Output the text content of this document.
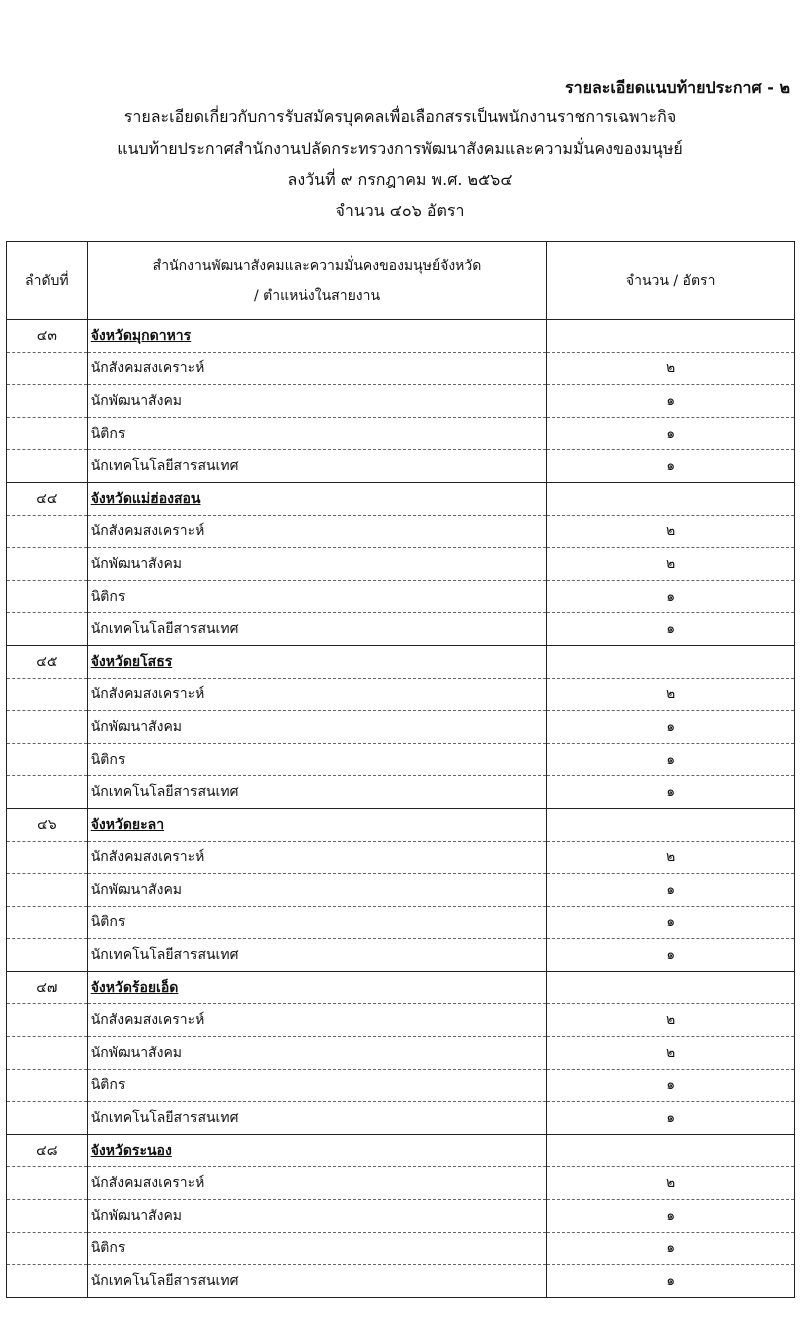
รายละเอียดแนบท้ายประกาศ - ๒
รายละเอียดเกี่ยวกับการรับสมัครบุคคลเพื่อเลือกสรรเป็นพนักงานราชการเฉพาะกิจ
แนบท้ายประกาศสำนักงานปลัดกระทรวงการพัฒนาสังคมและความมั่นคงของมนุษย์
ลงวันที่ ๙ กรกฎาคม พ.ศ. ๒๕๖๔
จำนวน ๔๐๖ อัตรา
ลำดับที่	สำนักงานพัฒนาสังคมและความมั่นคงของมนุษย์จังหวัด
/ ตำแหน่งในสายงาน	จำนวน / อัตรา
๔๓	จังหวัดมุกดาหาร	
	นักสังคมสงเคราะห์	๒
	นักพัฒนาสังคม	๑
	นิติกร	๑
	นักเทคโนโลยีสารสนเทศ	๑
๔๔	จังหวัดแม่ฮ่องสอน	
	นักสังคมสงเคราะห์	๒
	นักพัฒนาสังคม	๒
	นิติกร	๑
	นักเทคโนโลยีสารสนเทศ	๑
๔๕	จังหวัดยโสธร	
	นักสังคมสงเคราะห์	๒
	นักพัฒนาสังคม	๑
	นิติกร	๑
	นักเทคโนโลยีสารสนเทศ	๑
๔๖	จังหวัดยะลา	
	นักสังคมสงเคราะห์	๒
	นักพัฒนาสังคม	๑
	นิติกร	๑
	นักเทคโนโลยีสารสนเทศ	๑
๔๗	จังหวัดร้อยเอ็ด	
	นักสังคมสงเคราะห์	๒
	นักพัฒนาสังคม	๒
	นิติกร	๑
	นักเทคโนโลยีสารสนเทศ	๑
๔๘	จังหวัดระนอง	
	นักสังคมสงเคราะห์	๒
	นักพัฒนาสังคม	๑
	นิติกร	๑
	นักเทคโนโลยีสารสนเทศ	๑
